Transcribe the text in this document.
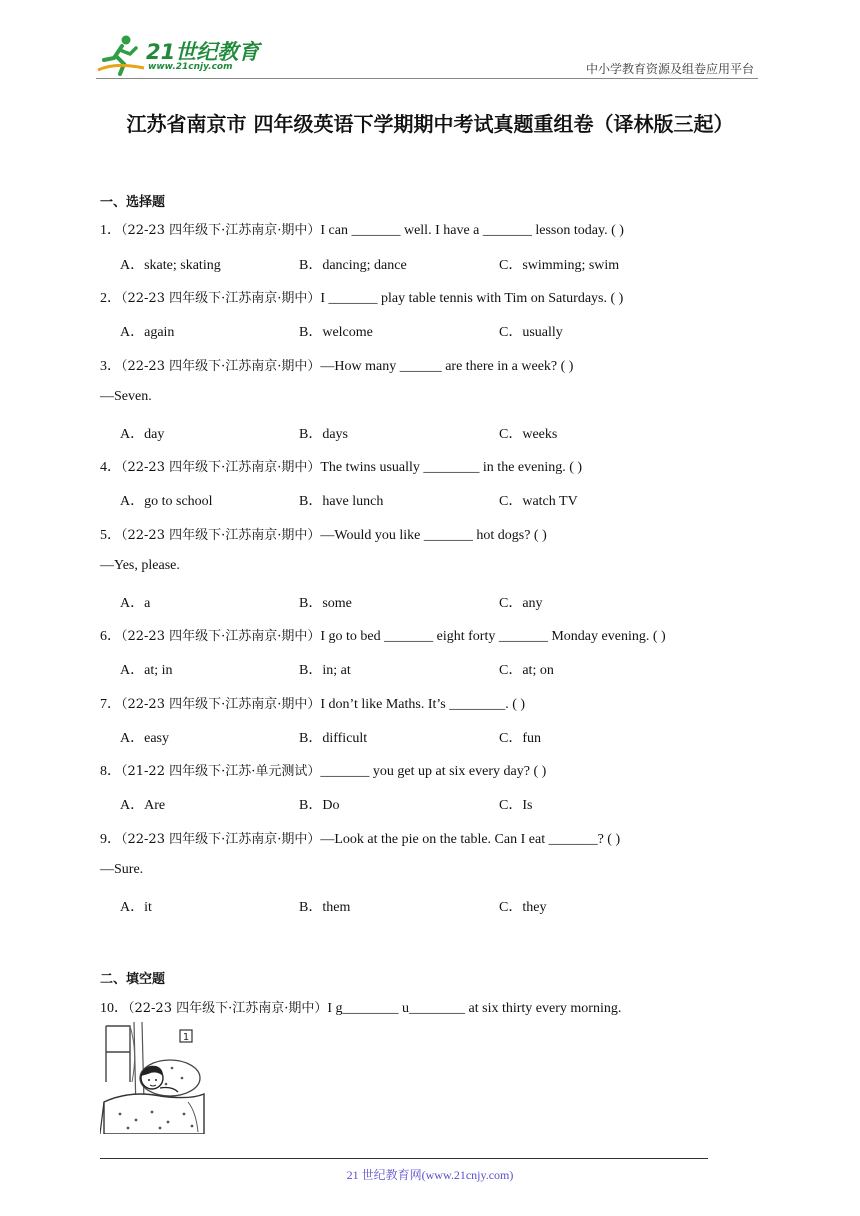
21世纪教育
www.21cnjy.com	中小学教育资源及组卷应用平台
江苏省南京市 四年级英语下学期期中考试真题重组卷（译林版三起）
一、选择题
1．（22-23 四年级下·江苏南京·期中）I can _______ well. I have a _______ lesson today. ( )
A．skate; skating	B．dancing; dance	C．swimming; swim
2．（22-23 四年级下·江苏南京·期中）I _______ play table tennis with Tim on Saturdays. ( )
A．again	B．welcome	C．usually
3．（22-23 四年级下·江苏南京·期中）—How many ______ are there in a week? ( )
—Seven.
A．day	B．days	C．weeks
4．（22-23 四年级下·江苏南京·期中）The twins usually ________ in the evening. ( )
A．go to school	B．have lunch	C．watch TV
5．（22-23 四年级下·江苏南京·期中）—Would you like _______ hot dogs? ( )
—Yes, please.
A．a	B．some	C．any
6．（22-23 四年级下·江苏南京·期中）I go to bed _______ eight forty _______ Monday evening. ( )
A．at; in	B．in; at	C．at; on
7．（22-23 四年级下·江苏南京·期中）I don’t like Maths. It’s ________. ( )
A．easy	B．difficult	C．fun
8．（21-22 四年级下·江苏·单元测试）_______ you get up at six every day? ( )
A．Are	B．Do	C．Is
9．（22-23 四年级下·江苏南京·期中）—Look at the pie on the table. Can I eat _______? ( )
—Sure.
A．it	B．them	C．they
二、填空题
10．（22-23 四年级下·江苏南京·期中）I g________ u________ at six thirty every morning.
1
21 世纪教育网(www.21cnjy.com)
